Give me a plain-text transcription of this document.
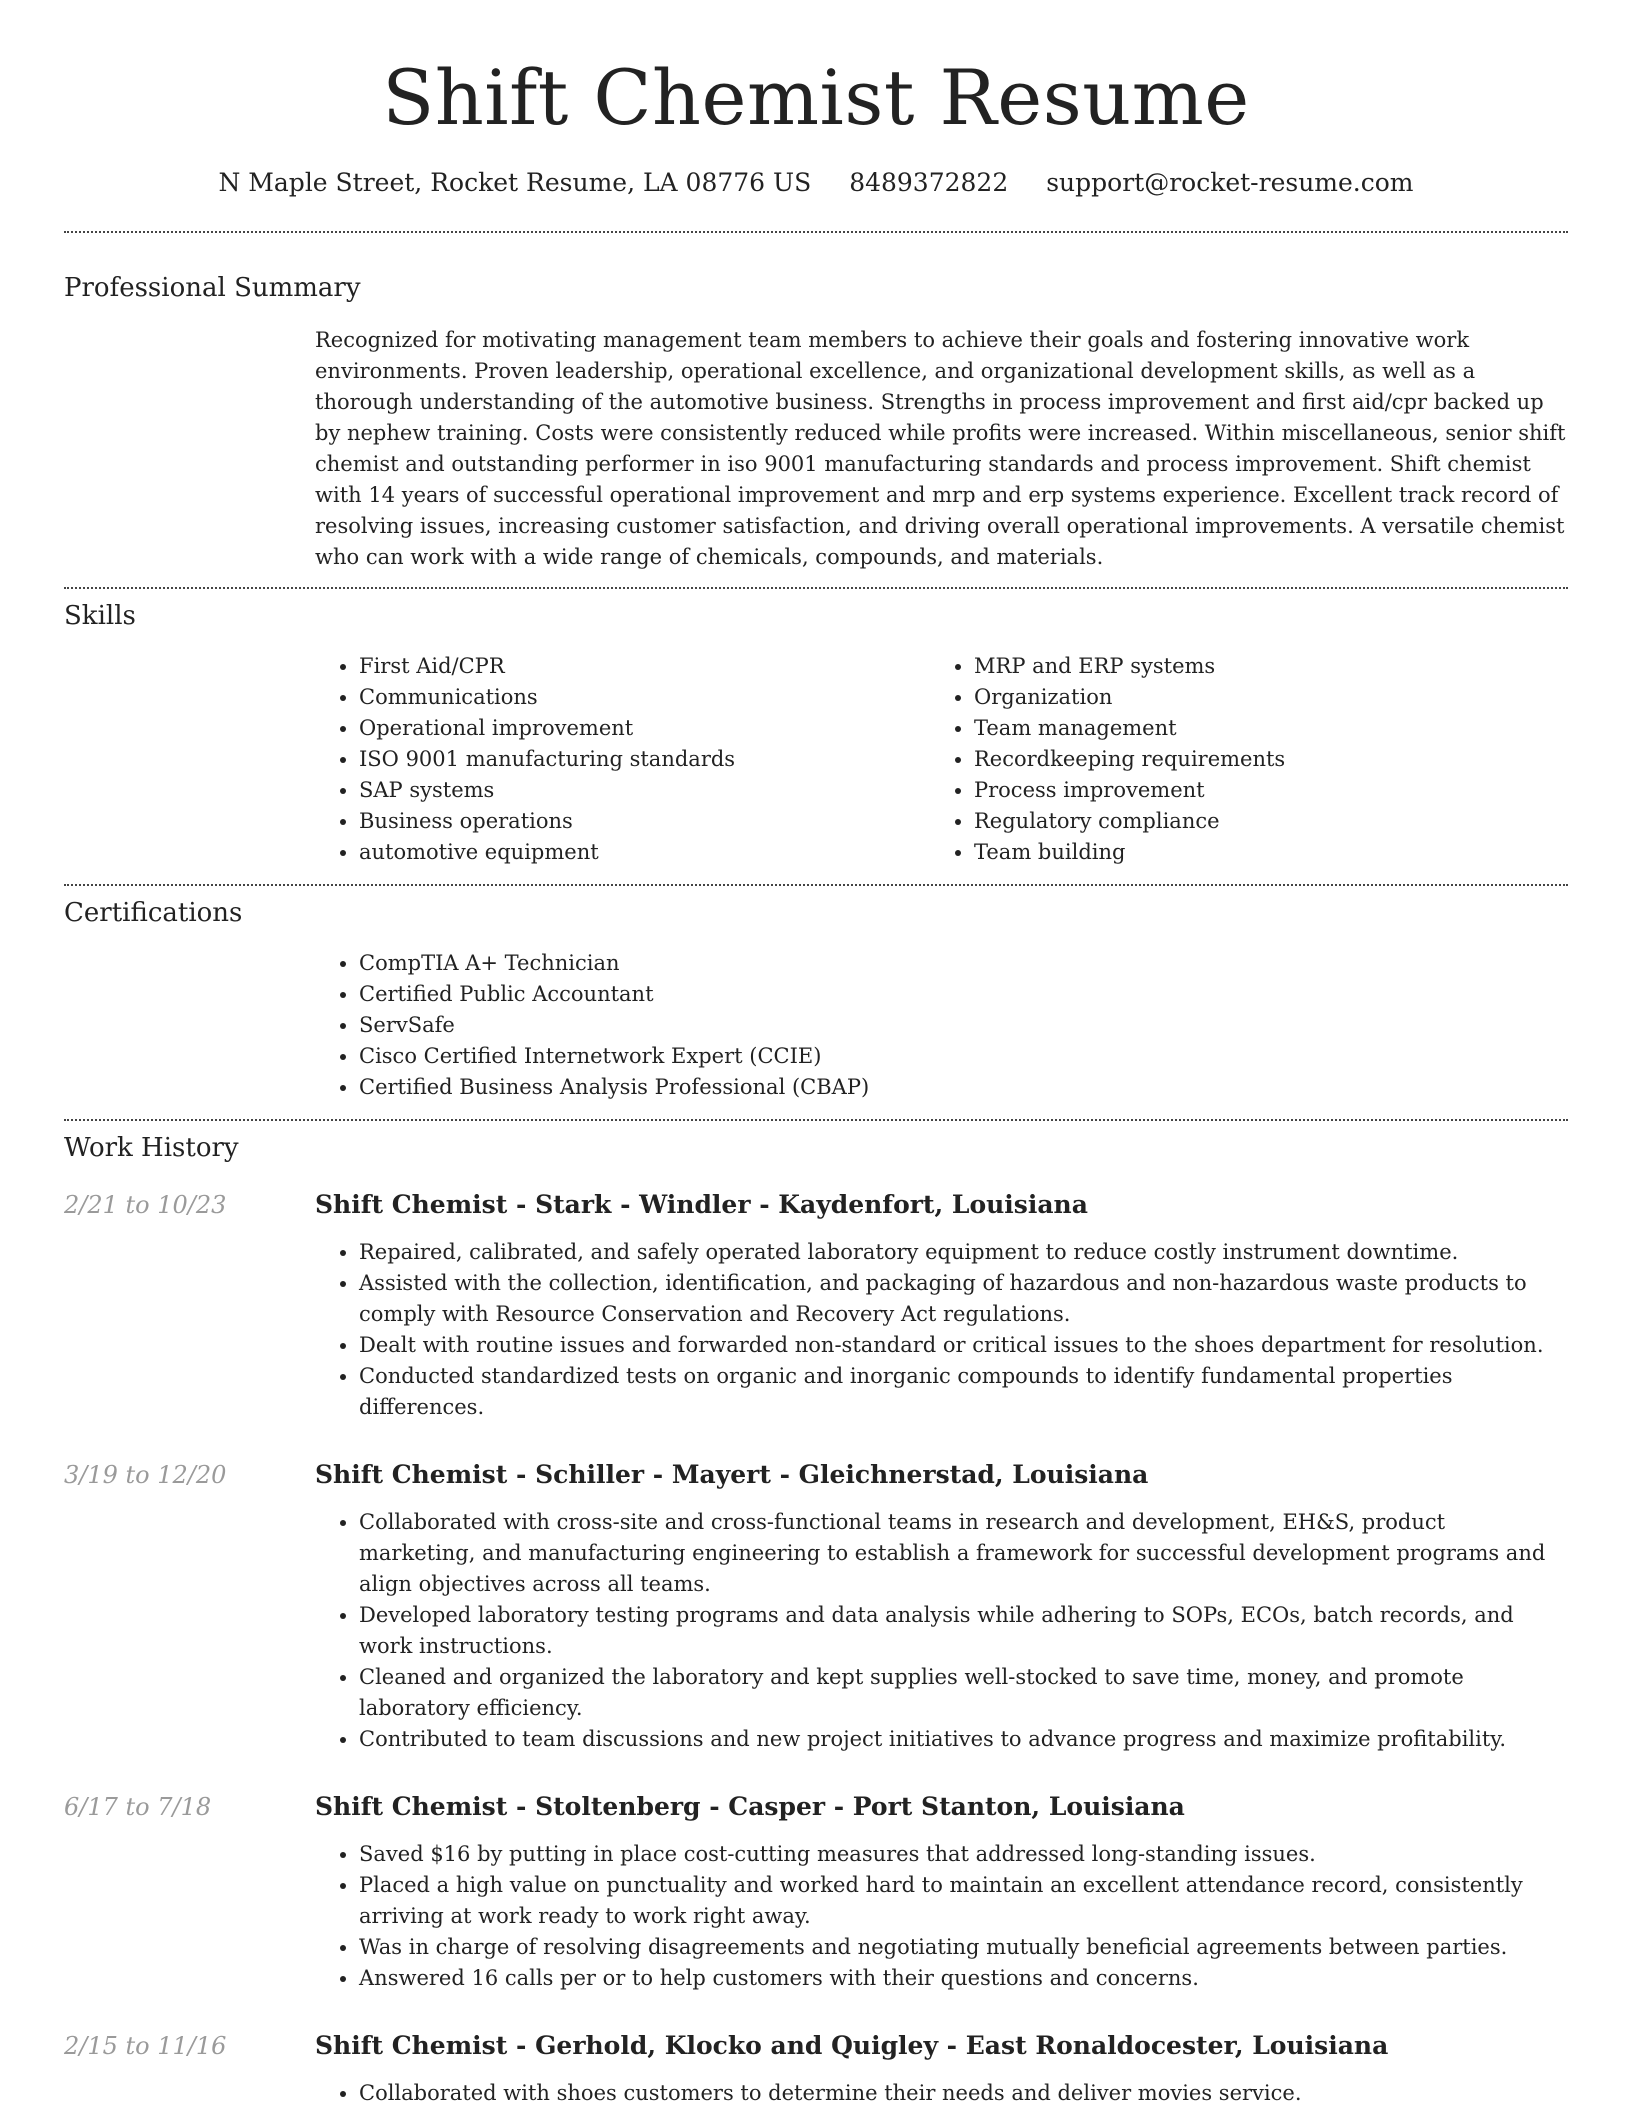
Shift Chemist Resume
N Maple Street, Rocket Resume, LA 08776 US 8489372822 support@rocket-resume.com
Professional Summary

Recognized for motivating management team members to achieve their goals and fostering innovative work environments. Proven leadership, operational excellence, and organizational development skills, as well as a thorough understanding of the automotive business. Strengths in process improvement and first aid/cpr backed up by nephew training. Costs were consistently reduced while profits were increased. Within miscellaneous, senior shift chemist and outstanding performer in iso 9001 manufacturing standards and process improvement. Shift chemist with 14 years of successful operational improvement and mrp and erp systems experience. Excellent track record of resolving issues, increasing customer satisfaction, and driving overall operational improvements. A versatile chemist who can work with a wide range of chemicals, compounds, and materials.

Skills
• First Aid/CPR
• Communications
• Operational improvement
• ISO 9001 manufacturing standards
• SAP systems
• Business operations
• automotive equipment
• MRP and ERP systems
• Organization
• Team management
• Recordkeeping requirements
• Process improvement
• Regulatory compliance
• Team building
Certifications
• CompTIA A+ Technician
• Certified Public Accountant
• ServSafe
• Cisco Certified Internetwork Expert (CCIE)
• Certified Business Analysis Professional (CBAP)
Work History
2/21 to 10/23	Shift Chemist - Stark - Windler - Kaydenfort, Louisiana
• Repaired, calibrated, and safely operated laboratory equipment to reduce costly instrument downtime.
• Assisted with the collection, identification, and packaging of hazardous and non-hazardous waste products to comply with Resource Conservation and Recovery Act regulations.
• Dealt with routine issues and forwarded non-standard or critical issues to the shoes department for resolution.
• Conducted standardized tests on organic and inorganic compounds to identify fundamental properties differences.
3/19 to 12/20	Shift Chemist - Schiller - Mayert - Gleichnerstad, Louisiana
• Collaborated with cross-site and cross-functional teams in research and development, EH&S, product marketing, and manufacturing engineering to establish a framework for successful development programs and align objectives across all teams.
• Developed laboratory testing programs and data analysis while adhering to SOPs, ECOs, batch records, and work instructions.
• Cleaned and organized the laboratory and kept supplies well-stocked to save time, money, and promote laboratory efficiency.
• Contributed to team discussions and new project initiatives to advance progress and maximize profitability.
6/17 to 7/18	Shift Chemist - Stoltenberg - Casper - Port Stanton, Louisiana
• Saved $16 by putting in place cost-cutting measures that addressed long-standing issues.
• Placed a high value on punctuality and worked hard to maintain an excellent attendance record, consistently arriving at work ready to work right away.
• Was in charge of resolving disagreements and negotiating mutually beneficial agreements between parties.
• Answered 16 calls per or to help customers with their questions and concerns.
2/15 to 11/16	Shift Chemist - Gerhold, Klocko and Quigley - East Ronaldocester, Louisiana
• Collaborated with shoes customers to determine their needs and deliver movies service.
